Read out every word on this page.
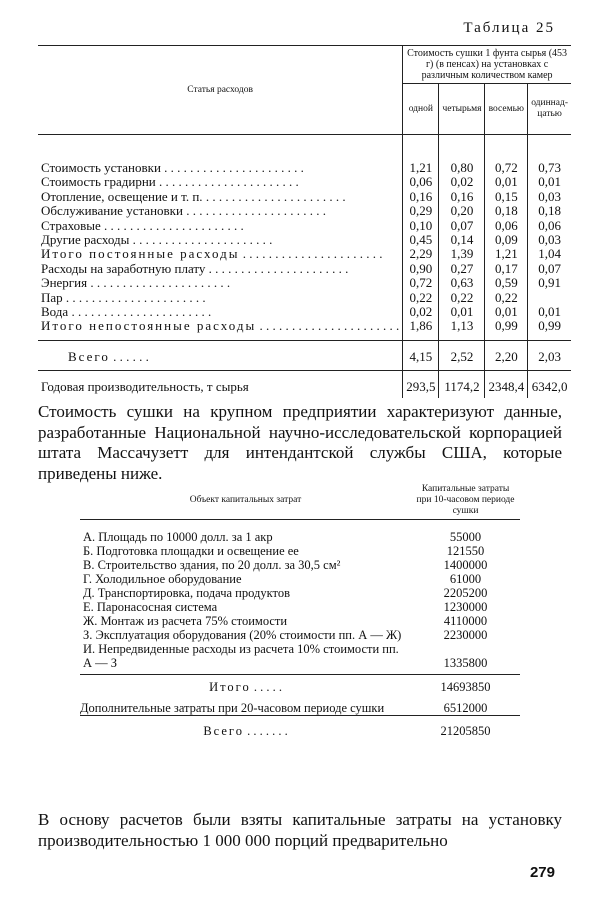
Таблица 25
Статья расходов	Стоимость сушки 1 фунта сырья (453 г) (в пенсах) на установках с различным количеством камер			
	одной	четырьмя	восемью	одиннад-цатью
Стоимость установки . . .	1,21	0,80	0,72	0,73
Стоимость градирни . . .	0,06	0,02	0,01	0,01
Отопление, освещение и т. п. . . .	0,16	0,16	0,15	0,03
Обслуживание установки . . .	0,29	0,20	0,18	0,18
Страховые . . .	0,10	0,07	0,06	0,06
Другие расходы . . .	0,45	0,14	0,09	0,03
Итого постоянные расходы . . .	2,29	1,39	1,21	1,04
Расходы на заработную плату . . .	0,90	0,27	0,17	0,07
Энергия . . .	0,72	0,63	0,59	0,91
Пар . . .	0,22	0,22	0,22	
Вода . . .	0,02	0,01	0,01	0,01
Итого непостоянные расходы . . .	1,86	1,13	0,99	0,99
Всего . . . . . .	4,15	2,52	2,20	2,03
Годовая производительность, т сырья	293,5	1174,2	2348,4	6342,0
Стоимость сушки на крупном предприятии характеризуют данные, разработанные Национальной научно-исследовательской корпорацией штата Массачузетт для интендантской службы США, которые приведены ниже.
Объект капитальных затрат	Капитальные затраты при 10-часовом периоде сушки
А. Площадь по 10000 долл. за 1 акр	55000
Б. Подготовка площадки и освещение ее	121550
В. Строительство здания, по 20 долл. за 30,5 см²	1400000
Г. Холодильное оборудование	61000
Д. Транспортировка, подача продуктов	2205200
Е. Паронасосная система	1230000
Ж. Монтаж из расчета 75% стоимости	4110000
З. Эксплуатация оборудования (20% стоимости пп. А — Ж)	2230000
И. Непредвиденные расходы из расчета 10% стоимости пп. А — З	1335800
Итого . . . . .	14693850
Дополнительные затраты при 20-часовом периоде сушки	6512000
Всего . . . . . . .	21205850
В основу расчетов были взяты капитальные затраты на установку производительностью 1 000 000 порций предварительно
279
